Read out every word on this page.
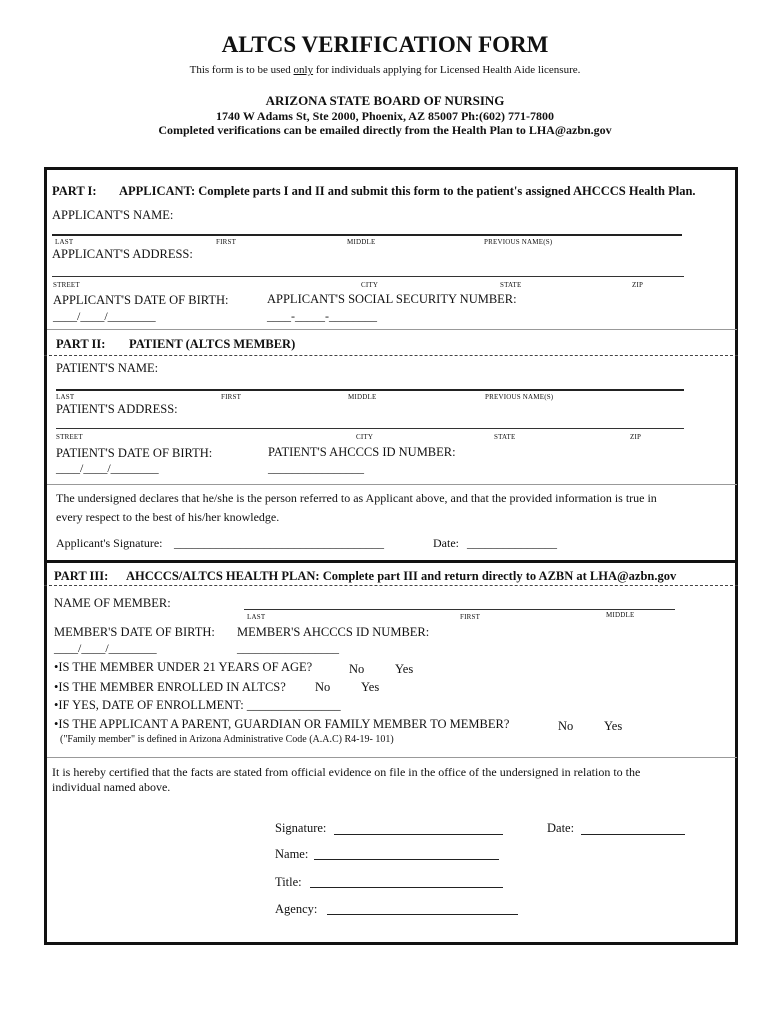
ALTCS VERIFICATION FORM
This form is to be used only for individuals applying for Licensed Health Aide licensure.
ARIZONA STATE BOARD OF NURSING
1740 W Adams St, Ste 2000, Phoenix, AZ 85007 Ph:(602) 771-7800
Completed verifications can be emailed directly from the Health Plan to LHA@azbn.gov
PART I: APPLICANT: Complete parts I and II and submit this form to the patient's assigned AHCCCS Health Plan.
APPLICANT'S NAME:
LAST	FIRST	MIDDLE	PREVIOUS NAME(S)
APPLICANT'S ADDRESS:
STREET	CITY	STATE	ZIP
APPLICANT'S DATE OF BIRTH:
____/____/________
APPLICANT'S SOCIAL SECURITY NUMBER:
____-_____-________
PART II: PATIENT (ALTCS MEMBER)
PATIENT'S NAME:
LAST	FIRST	MIDDLE	PREVIOUS NAME(S)
PATIENT'S ADDRESS:
STREET	CITY	STATE	ZIP
PATIENT'S DATE OF BIRTH:
____/____/________
PATIENT'S AHCCCS ID NUMBER:
________________
The undersigned declares that he/she is the person referred to as Applicant above, and that the provided information is true in
every respect to the best of his/her knowledge.
Applicant's Signature: ___________________________________	Date: _______________
PART III: AHCCCS/ALTCS HEALTH PLAN: Complete part III and return directly to AZBN at LHA@azbn.gov
NAME OF MEMBER:
LAST	FIRST	MIDDLE
MEMBER'S DATE OF BIRTH:
____/____/________
MEMBER'S AHCCCS ID NUMBER:
_________________
•IS THE MEMBER UNDER 21 YEARS OF AGE?	No Yes
•IS THE MEMBER ENROLLED IN ALTCS? No Yes
•IF YES, DATE OF ENROLLMENT: _______________
•IS THE APPLICANT A PARENT, GUARDIAN OR FAMILY MEMBER TO MEMBER?	No Yes
("Family member" is defined in Arizona Administrative Code (A.A.C) R4-19- 101)
It is hereby certified that the facts are stated from official evidence on file in the office of the undersigned in relation to the
individual named above.
Signature:	Date:
Name:
Title:
Agency:
